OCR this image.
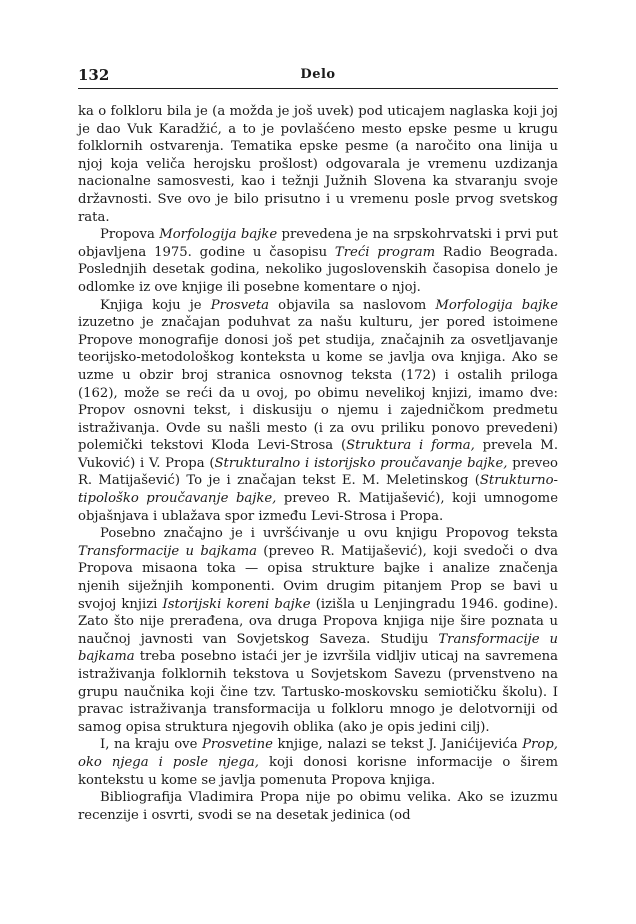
132	Delo

ka o folkloru bila je (a možda je još uvek) pod uticajem naglaska koji joj je dao Vuk Karadžić, a to je povlašćeno mesto epske pesme u krugu folklornih ostvarenja. Tematika epske pesme (a naročito ona linija u njoj koja veliča herojsku prošlost) odgovarala je vremenu uzdizanja nacionalne samosvesti, kao i težnji Južnih Slovena ka stvaranju svoje državnosti. Sve ovo je bilo prisutno i u vremenu posle prvog svetskog rata.

Propova Morfologija bajke prevedena je na srpskohrvatski i prvi put objavljena 1975. godine u časopisu Treći program Radio Beograda. Poslednjih desetak godina, nekoliko jugoslovenskih časopisa donelo je odlomke iz ove knjige ili posebne komentare o njoj.

Knjiga koju je Prosveta objavila sa naslovom Morfologija bajke izuzetno je značajan poduhvat za našu kulturu, jer pored istoimene Propove monografije donosi još pet studija, značajnih za osvetljavanje teorijsko-metodološkog konteksta u kome se javlja ova knjiga. Ako se uzme u obzir broj stranica osnovnog teksta (172) i ostalih priloga (162), može se reći da u ovoj, po obimu nevelikoj knjizi, imamo dve: Propov osnovni tekst, i diskusiju o njemu i zajedničkom predmetu istraživanja. Ovde su našli mesto (i za ovu priliku ponovo prevedeni) polemički tekstovi Kloda Levi-Strosa (Struktura i forma, prevela M. Vuković) i V. Propa (Strukturalno i istorijsko proučavanje bajke, preveo R. Matijašević) To je i značajan tekst E. M. Meletinskog (Strukturno-tipološko proučavanje bajke, preveo R. Matijašević), koji umnogome objašnjava i ublažava spor između Levi-Strosa i Propa.

Posebno značajno je i uvršćivanje u ovu knjigu Propovog teksta Transformacije u bajkama (preveo R. Matijašević), koji svedoči o dva Propova misaona toka — opisa strukture bajke i analize značenja njenih siježnjih komponenti. Ovim drugim pitanjem Prop se bavi u svojoj knjizi Istorijski koreni bajke (izišla u Lenjingradu 1946. godine). Zato što nije prerađena, ova druga Propova knjiga nije šire poznata u naučnoj javnosti van Sovjetskog Saveza. Studiju Transformacije u bajkama treba posebno istaći jer je izvršila vidljiv uticaj na savremena istraživanja folklornih tekstova u Sovjetskom Savezu (prvenstveno na grupu naučnika koji čine tzv. Tartusko-moskovsku semiotičku školu). I pravac istraživanja transformacija u folkloru mnogo je delotvorniji od samog opisa struktura njegovih oblika (ako je opis jedini cilj).

I, na kraju ove Prosvetine knjige, nalazi se tekst J. Janićijevića Prop, oko njega i posle njega, koji donosi korisne informacije o širem kontekstu u kome se javlja pomenuta Propova knjiga.

Bibliografija Vladimira Propa nije po obimu velika. Ako se izuzmu recenzije i osvrti, svodi se na desetak jedinica (od
